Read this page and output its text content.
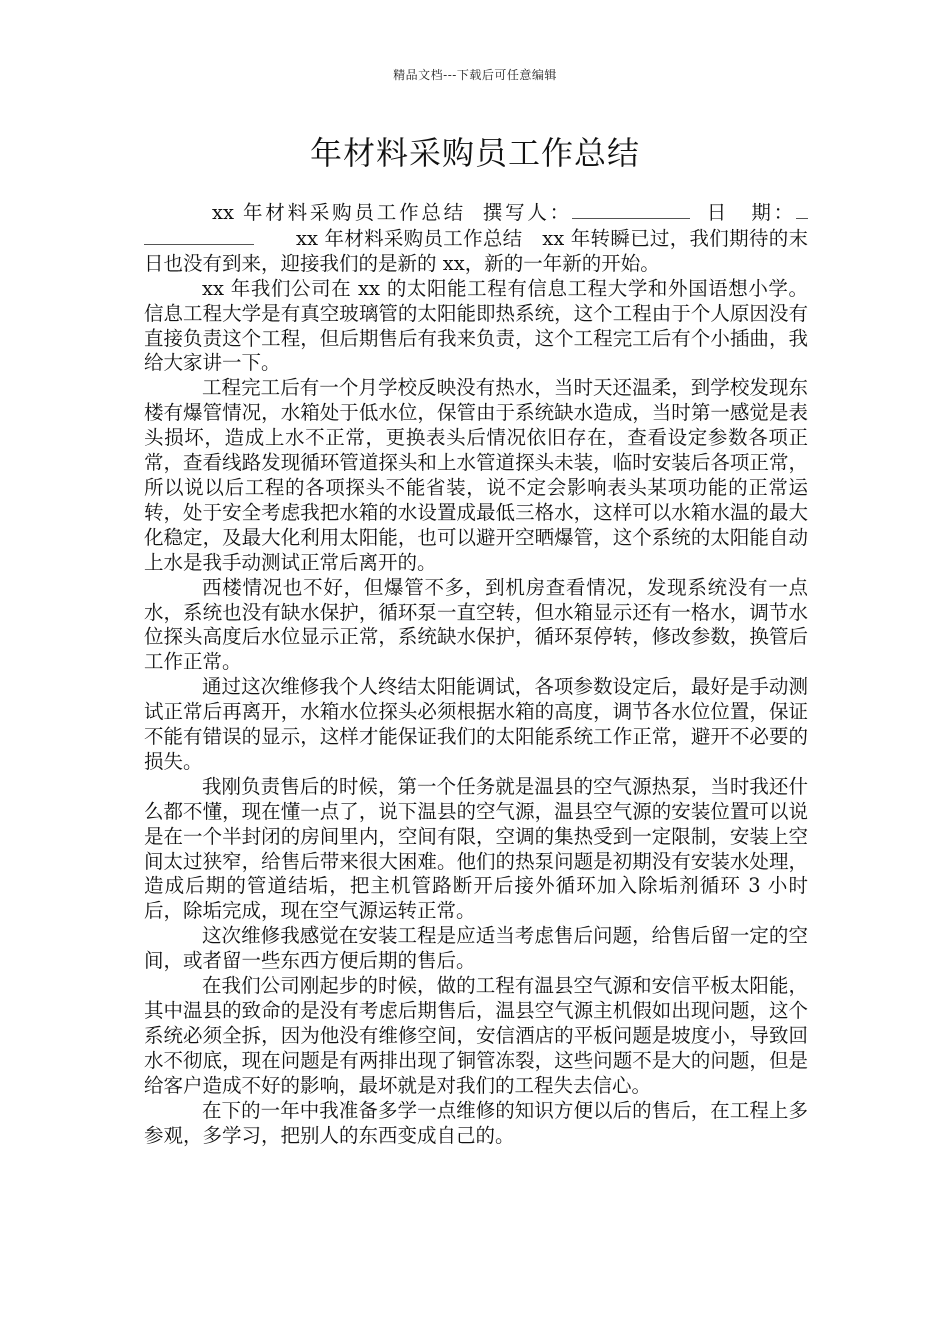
精品文档---下载后可任意编辑
年材料采购员工作总结

xx 年材料采购员工作总结 撰写人：	日　期： xx 年材料采购员工作总结　xx 年转瞬已过，我们期待的末日也没有到来，迎接我们的是新的 xx，新的一年新的开始。

xx 年我们公司在 xx 的太阳能工程有信息工程大学和外国语想小学。信息工程大学是有真空玻璃管的太阳能即热系统，这个工程由于个人原因没有直接负责这个工程，但后期售后有我来负责，这个工程完工后有个小插曲，我给大家讲一下。

工程完工后有一个月学校反映没有热水，当时天还温柔，到学校发现东楼有爆管情况，水箱处于低水位，保管由于系统缺水造成，当时第一感觉是表头损坏，造成上水不正常，更换表头后情况依旧存在，查看设定参数各项正常，查看线路发现循环管道探头和上水管道探头未装，临时安装后各项正常，所以说以后工程的各项探头不能省装，说不定会影响表头某项功能的正常运转，处于安全考虑我把水箱的水设置成最低三格水，这样可以水箱水温的最大化稳定，及最大化利用太阳能，也可以避开空晒爆管，这个系统的太阳能自动上水是我手动测试正常后离开的。

西楼情况也不好，但爆管不多，到机房查看情况，发现系统没有一点水，系统也没有缺水保护，循环泵一直空转，但水箱显示还有一格水，调节水位探头高度后水位显示正常，系统缺水保护，循环泵停转，修改参数，换管后工作正常。

通过这次维修我个人终结太阳能调试，各项参数设定后，最好是手动测试正常后再离开，水箱水位探头必须根据水箱的高度，调节各水位位置，保证不能有错误的显示，这样才能保证我们的太阳能系统工作正常，避开不必要的损失。

我刚负责售后的时候，第一个任务就是温县的空气源热泵，当时我还什么都不懂，现在懂一点了，说下温县的空气源，温县空气源的安装位置可以说是在一个半封闭的房间里内，空间有限，空调的集热受到一定限制，安装上空间太过狭窄，给售后带来很大困难。他们的热泵问题是初期没有安装水处理，造成后期的管道结垢，把主机管路断开后接外循环加入除垢剂循环 3 小时后，除垢完成，现在空气源运转正常。

这次维修我感觉在安装工程是应适当考虑售后问题，给售后留一定的空间，或者留一些东西方便后期的售后。

在我们公司刚起步的时候，做的工程有温县空气源和安信平板太阳能，其中温县的致命的是没有考虑后期售后，温县空气源主机假如出现问题，这个系统必须全拆，因为他没有维修空间，安信酒店的平板问题是坡度小，导致回水不彻底，现在问题是有两排出现了铜管冻裂，这些问题不是大的问题，但是给客户造成不好的影响，最坏就是对我们的工程失去信心。

在下的一年中我准备多学一点维修的知识方便以后的售后，在工程上多参观，多学习，把别人的东西变成自己的。
